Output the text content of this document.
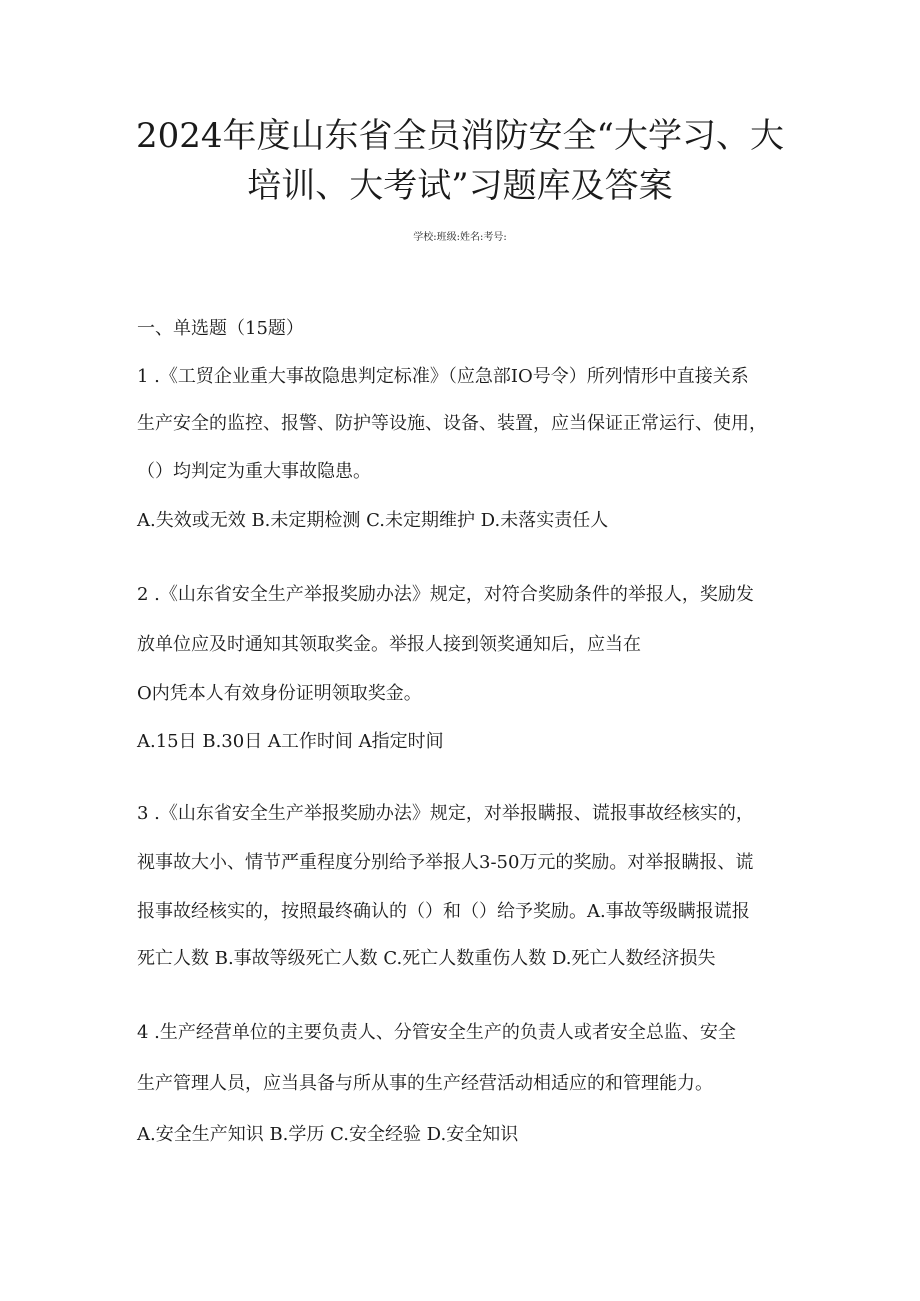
2024年度山东省全员消防安全“大学习、大
培训、大考试”习题库及答案
学校:班级:姓名:考号:
一、单选题（15题）
1 .《工贸企业重大事故隐患判定标准》（应急部IO号令）所列情形中直接关系
生产安全的监控、报警、防护等设施、设备、装置，应当保证正常运行、使用，
（）均判定为重大事故隐患。
A.失效或无效 B.未定期检测 C.未定期维护 D.未落实责任人
2 .《山东省安全生产举报奖励办法》规定，对符合奖励条件的举报人，奖励发
放单位应及时通知其领取奖金。举报人接到领奖通知后，应当在
O内凭本人有效身份证明领取奖金。
A.15日 B.30日 A工作时间 A指定时间
3 .《山东省安全生产举报奖励办法》规定，对举报瞒报、谎报事故经核实的，
视事故大小、情节严重程度分别给予举报人3-50万元的奖励。对举报瞒报、谎
报事故经核实的，按照最终确认的（）和（）给予奖励。A.事故等级瞒报谎报
死亡人数 B.事故等级死亡人数 C.死亡人数重伤人数 D.死亡人数经济损失
4 .生产经营单位的主要负责人、分管安全生产的负责人或者安全总监、安全
生产管理人员，应当具备与所从事的生产经营活动相适应的和管理能力。
A.安全生产知识 B.学历 C.安全经验 D.安全知识
